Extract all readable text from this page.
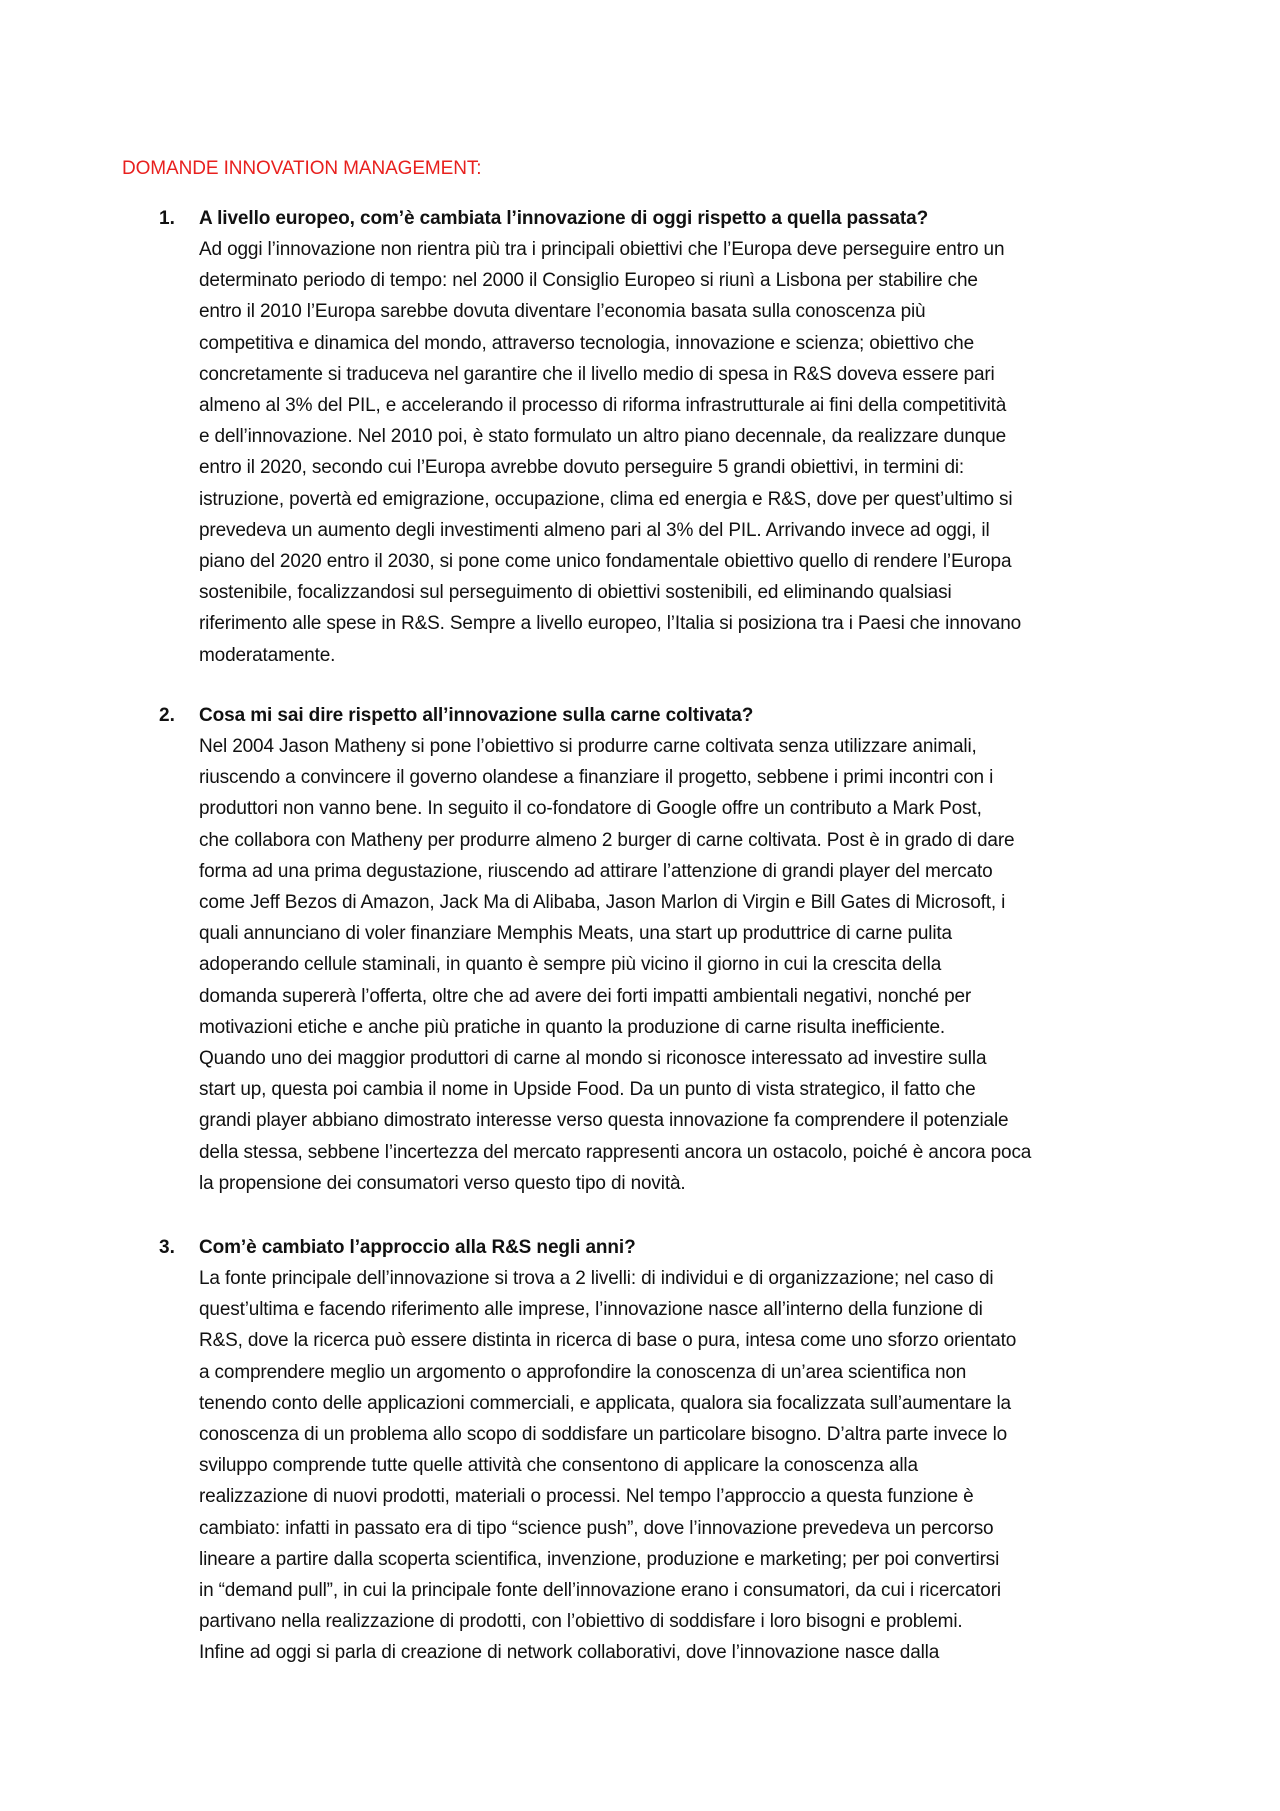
DOMANDE INNOVATION MANAGEMENT:
1. A livello europeo, com’è cambiata l’innovazione di oggi rispetto a quella passata?
Ad oggi l’innovazione non rientra più tra i principali obiettivi che l’Europa deve perseguire entro un
determinato periodo di tempo: nel 2000 il Consiglio Europeo si riunì a Lisbona per stabilire che
entro il 2010 l’Europa sarebbe dovuta diventare l’economia basata sulla conoscenza più
competitiva e dinamica del mondo, attraverso tecnologia, innovazione e scienza; obiettivo che
concretamente si traduceva nel garantire che il livello medio di spesa in R&S doveva essere pari
almeno al 3% del PIL, e accelerando il processo di riforma infrastrutturale ai fini della competitività
e dell’innovazione. Nel 2010 poi, è stato formulato un altro piano decennale, da realizzare dunque
entro il 2020, secondo cui l’Europa avrebbe dovuto perseguire 5 grandi obiettivi, in termini di:
istruzione, povertà ed emigrazione, occupazione, clima ed energia e R&S, dove per quest’ultimo si
prevedeva un aumento degli investimenti almeno pari al 3% del PIL. Arrivando invece ad oggi, il
piano del 2020 entro il 2030, si pone come unico fondamentale obiettivo quello di rendere l’Europa
sostenibile, focalizzandosi sul perseguimento di obiettivi sostenibili, ed eliminando qualsiasi
riferimento alle spese in R&S. Sempre a livello europeo, l’Italia si posiziona tra i Paesi che innovano
moderatamente.
2. Cosa mi sai dire rispetto all’innovazione sulla carne coltivata?
Nel 2004 Jason Matheny si pone l’obiettivo si produrre carne coltivata senza utilizzare animali,
riuscendo a convincere il governo olandese a finanziare il progetto, sebbene i primi incontri con i
produttori non vanno bene. In seguito il co-fondatore di Google offre un contributo a Mark Post,
che collabora con Matheny per produrre almeno 2 burger di carne coltivata. Post è in grado di dare
forma ad una prima degustazione, riuscendo ad attirare l’attenzione di grandi player del mercato
come Jeff Bezos di Amazon, Jack Ma di Alibaba, Jason Marlon di Virgin e Bill Gates di Microsoft, i
quali annunciano di voler finanziare Memphis Meats, una start up produttrice di carne pulita
adoperando cellule staminali, in quanto è sempre più vicino il giorno in cui la crescita della
domanda supererà l’offerta, oltre che ad avere dei forti impatti ambientali negativi, nonché per
motivazioni etiche e anche più pratiche in quanto la produzione di carne risulta inefficiente.
Quando uno dei maggior produttori di carne al mondo si riconosce interessato ad investire sulla
start up, questa poi cambia il nome in Upside Food. Da un punto di vista strategico, il fatto che
grandi player abbiano dimostrato interesse verso questa innovazione fa comprendere il potenziale
della stessa, sebbene l’incertezza del mercato rappresenti ancora un ostacolo, poiché è ancora poca
la propensione dei consumatori verso questo tipo di novità.
3. Com’è cambiato l’approccio alla R&S negli anni?
La fonte principale dell’innovazione si trova a 2 livelli: di individui e di organizzazione; nel caso di
quest’ultima e facendo riferimento alle imprese, l’innovazione nasce all’interno della funzione di
R&S, dove la ricerca può essere distinta in ricerca di base o pura, intesa come uno sforzo orientato
a comprendere meglio un argomento o approfondire la conoscenza di un’area scientifica non
tenendo conto delle applicazioni commerciali, e applicata, qualora sia focalizzata sull’aumentare la
conoscenza di un problema allo scopo di soddisfare un particolare bisogno. D’altra parte invece lo
sviluppo comprende tutte quelle attività che consentono di applicare la conoscenza alla
realizzazione di nuovi prodotti, materiali o processi. Nel tempo l’approccio a questa funzione è
cambiato: infatti in passato era di tipo “science push”, dove l’innovazione prevedeva un percorso
lineare a partire dalla scoperta scientifica, invenzione, produzione e marketing; per poi convertirsi
in “demand pull”, in cui la principale fonte dell’innovazione erano i consumatori, da cui i ricercatori
partivano nella realizzazione di prodotti, con l’obiettivo di soddisfare i loro bisogni e problemi.
Infine ad oggi si parla di creazione di network collaborativi, dove l’innovazione nasce dalla
